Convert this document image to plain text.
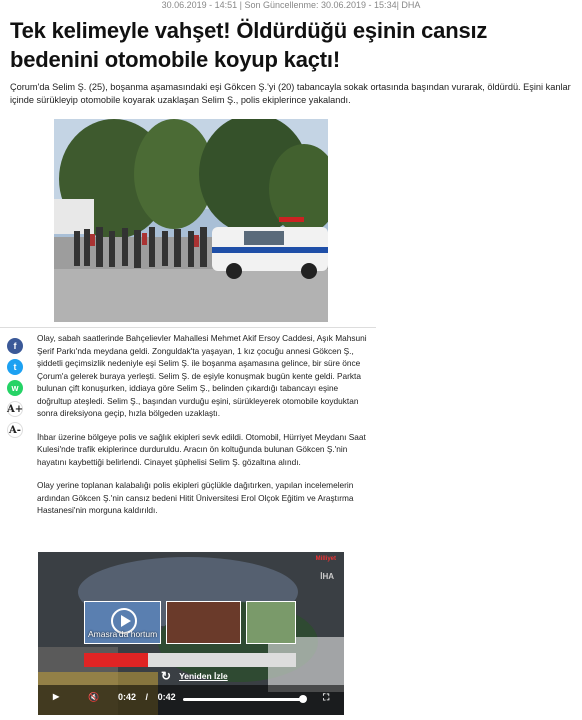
30.06.2019 - 14:51 | Son Güncellenme: 30.06.2019 - 15:34| DHA
Tek kelimeyle vahşet! Öldürdüğü eşinin cansız bedenini otomobile koyup kaçtı!
Çorum'da Selim Ş. (25), boşanma aşamasındaki eşi Gökcen Ş.'yi (20) tabancayla sokak ortasında başından vurarak, öldürdü. Eşini kanlar içinde sürükleyip otomobile koyarak uzaklaşan Selim Ş., polis ekiplerince yakalandı.
f
t
w
A+
A-

Olay, sabah saatlerinde Bahçelievler Mahallesi Mehmet Akif Ersoy Caddesi, Aşık Mahsuni Şerif Parkı'nda meydana geldi. Zonguldak'ta yaşayan, 1 kız çocuğu annesi Gökcen Ş., şiddetli geçimsizlik nedeniyle eşi Selim Ş. ile boşanma aşamasına gelince, bir süre önce Çorum'a gelerek buraya yerleşti. Selim Ş. de eşiyle konuşmak bugün kente geldi. Parkta bulunan çift konuşurken, iddiaya göre Selim Ş., belinden çıkardığı tabancayı eşine doğrultup ateşledi. Selim Ş., başından vurduğu eşini, sürükleyerek otomobile koyduktan sonra direksiyona geçip, hızla bölgeden uzaklaştı.

İhbar üzerine bölgeye polis ve sağlık ekipleri sevk edildi. Otomobil, Hürriyet Meydanı Saat Kulesi'nde trafik ekiplerince durduruldu. Aracın ön koltuğunda bulunan Gökcen Ş.'nin hayatını kaybettiği belirlendi. Cinayet şüphelisi Selim Ş. gözaltına alındı.

Olay yerine toplanan kalabalığı polis ekipleri güçlükle dağıtırken, yapılan incelemelerin ardından Gökcen Ş.'nin cansız bedeni Hitit Üniversitesi Erol Olçok Eğitim ve Araştırma Hastanesi'nin morguna kaldırıldı.

Milliyet
İHA
Amasra'da hortum
↻ Yeniden İzle
▶	🔇 0:42 / 0:42	⛶
